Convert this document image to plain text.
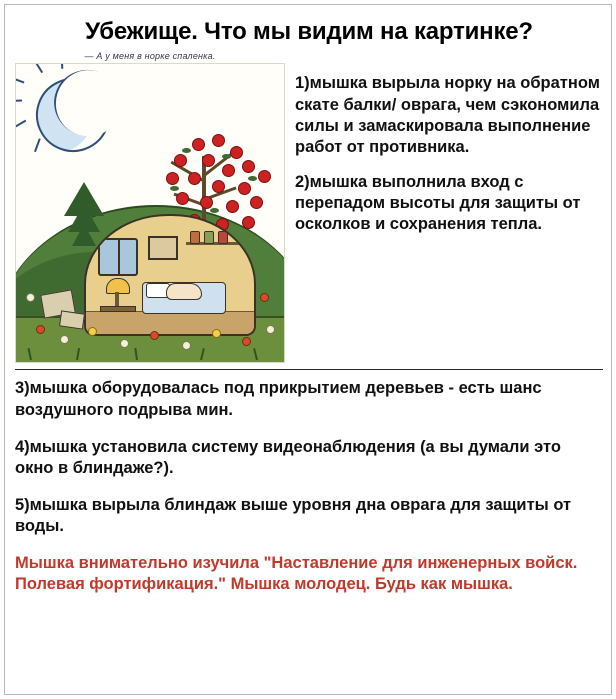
Убежище. Что мы видим на картинке?
— А у меня в норке спаленка.

1)мышка вырыла норку на обратном скате балки/ оврага, чем сэкономила силы и замаскировала выполнение работ от противника.

2)мышка выполнила вход с перепадом высоты для защиты от осколков и сохранения тепла.

3)мышка оборудовалась под прикрытием деревьев - есть шанс воздушного подрыва мин.

4)мышка установила систему видеонаблюдения (а вы думали это окно в блиндаже?).

5)мышка вырыла блиндаж выше уровня дна оврага для защиты от воды.

Мышка внимательно изучила "Наставление для инженерных войск. Полевая фортификация." Мышка молодец. Будь как мышка.
